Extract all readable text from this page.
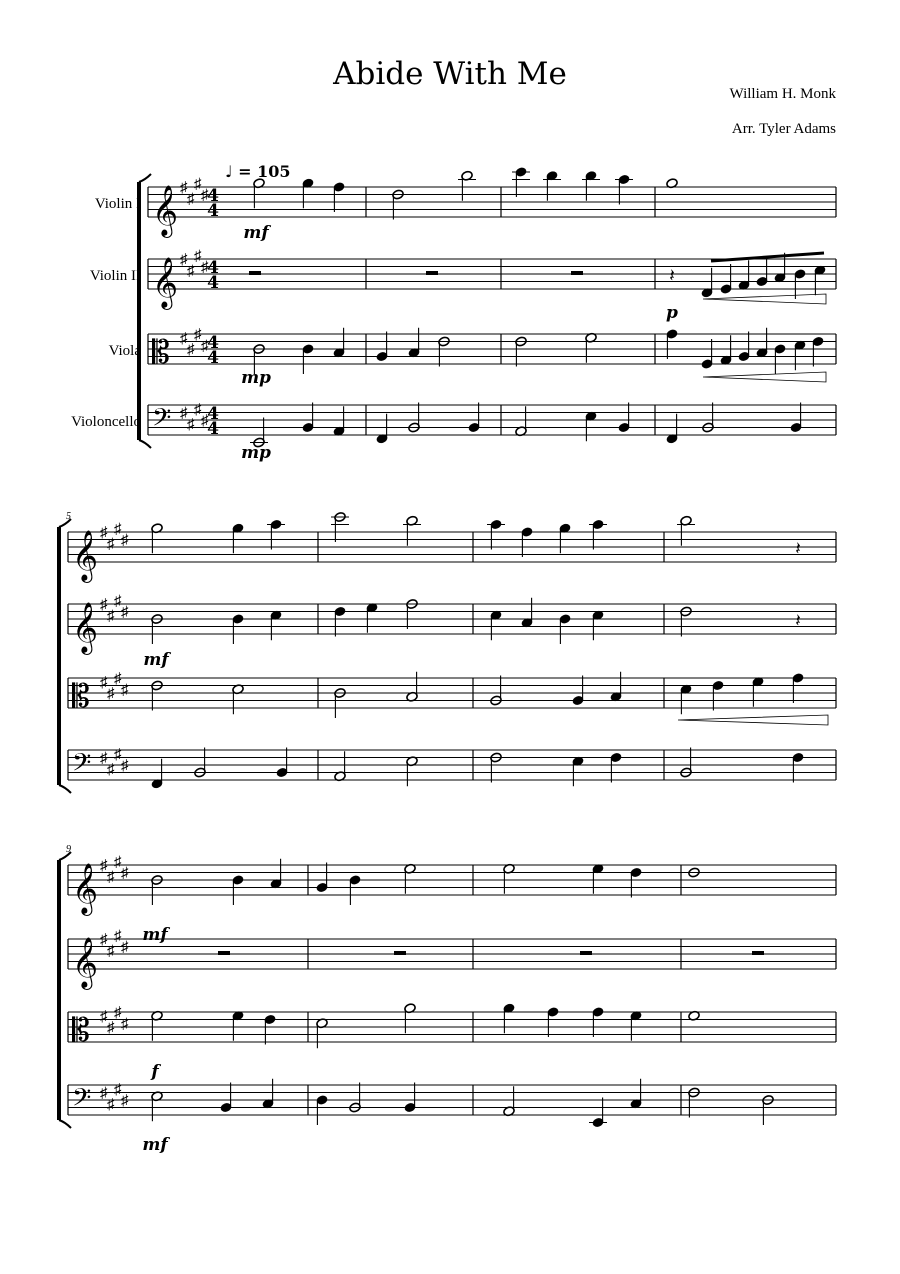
Abide With Me
William H. Monk
Arr. Tyler Adams
𝄞 ♯
♯
♯
♯
4
4
𝄞 ♯
♯
♯
♯
4
4
𝄡 ♯
♯
♯
♯
4
4
𝄢 ♯
♯
♯
♯
4
4
mf
p
mp
mp
𝄞 ♯
♯
♯
♯
𝄞 ♯
♯
♯
♯
𝄡 ♯
♯
♯
♯
𝄢 ♯
♯
♯
♯
5
mf
𝄞 ♯
♯
♯
♯
𝄞 ♯
♯
♯
♯
𝄡 ♯
♯
♯
♯
𝄢 ♯
♯
♯
♯
9
mf
f
mf
Violin I
Violin II
Viola
Violoncello
♩ = 105
𝄽
𝄽
𝄽
